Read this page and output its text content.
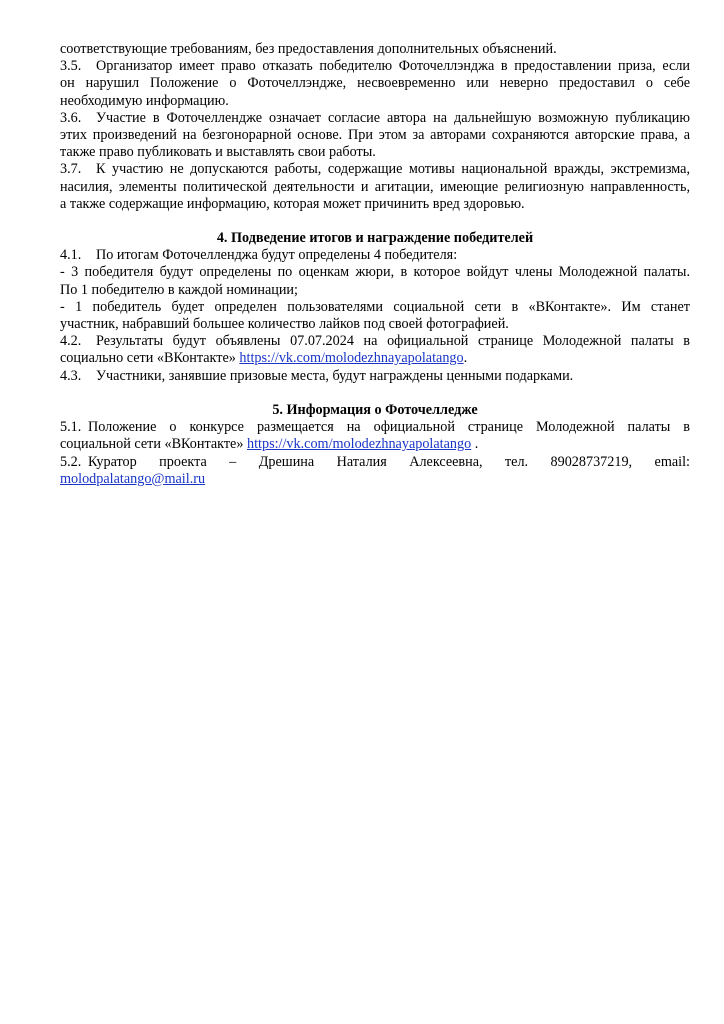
соответствующие требованиям, без предоставления дополнительных объяснений.
3.5. Организатор имеет право отказать победителю Фоточеллэнджа в предоставлении приза, если
он нарушил Положение о Фоточеллэндже, несвоевременно или неверно предоставил о себе
необходимую информацию.
3.6. Участие в Фоточеллендже означает согласие автора на дальнейшую возможную публикацию
этих произведений на безгонорарной основе. При этом за авторами сохраняются авторские права, а
также право публиковать и выставлять свои работы.
3.7. К участию не допускаются работы, содержащие мотивы национальной вражды, экстремизма,
насилия, элементы политической деятельности и агитации, имеющие религиозную направленность,
а также содержащие информацию, которая может причинить вред здоровью.
4. Подведение итогов и награждение победителей
4.1. По итогам Фоточелленджа будут определены 4 победителя:
- 3 победителя будут определены по оценкам жюри, в которое войдут члены Молодежной палаты.
По 1 победителю в каждой номинации;
- 1 победитель будет определен пользователями социальной сети в «ВКонтакте». Им станет
участник, набравший большее количество лайков под своей фотографией.
4.2. Результаты будут объявлены 07.07.2024 на официальной странице Молодежной палаты в
социально сети «ВКонтакте» https://vk.com/molodezhnayapolatango.
4.3. Участники, занявшие призовые места, будут награждены ценными подарками.
5. Информация о Фоточелледже
5.1. Положение о конкурсе размещается на официальной странице Молодежной палаты в
социальной сети «ВКонтакте» https://vk.com/molodezhnayapolatango .
5.2. Куратор проекта – Дрешина Наталия Алексеевна, тел. 89028737219, email:
molodpalatango@mail.ru
